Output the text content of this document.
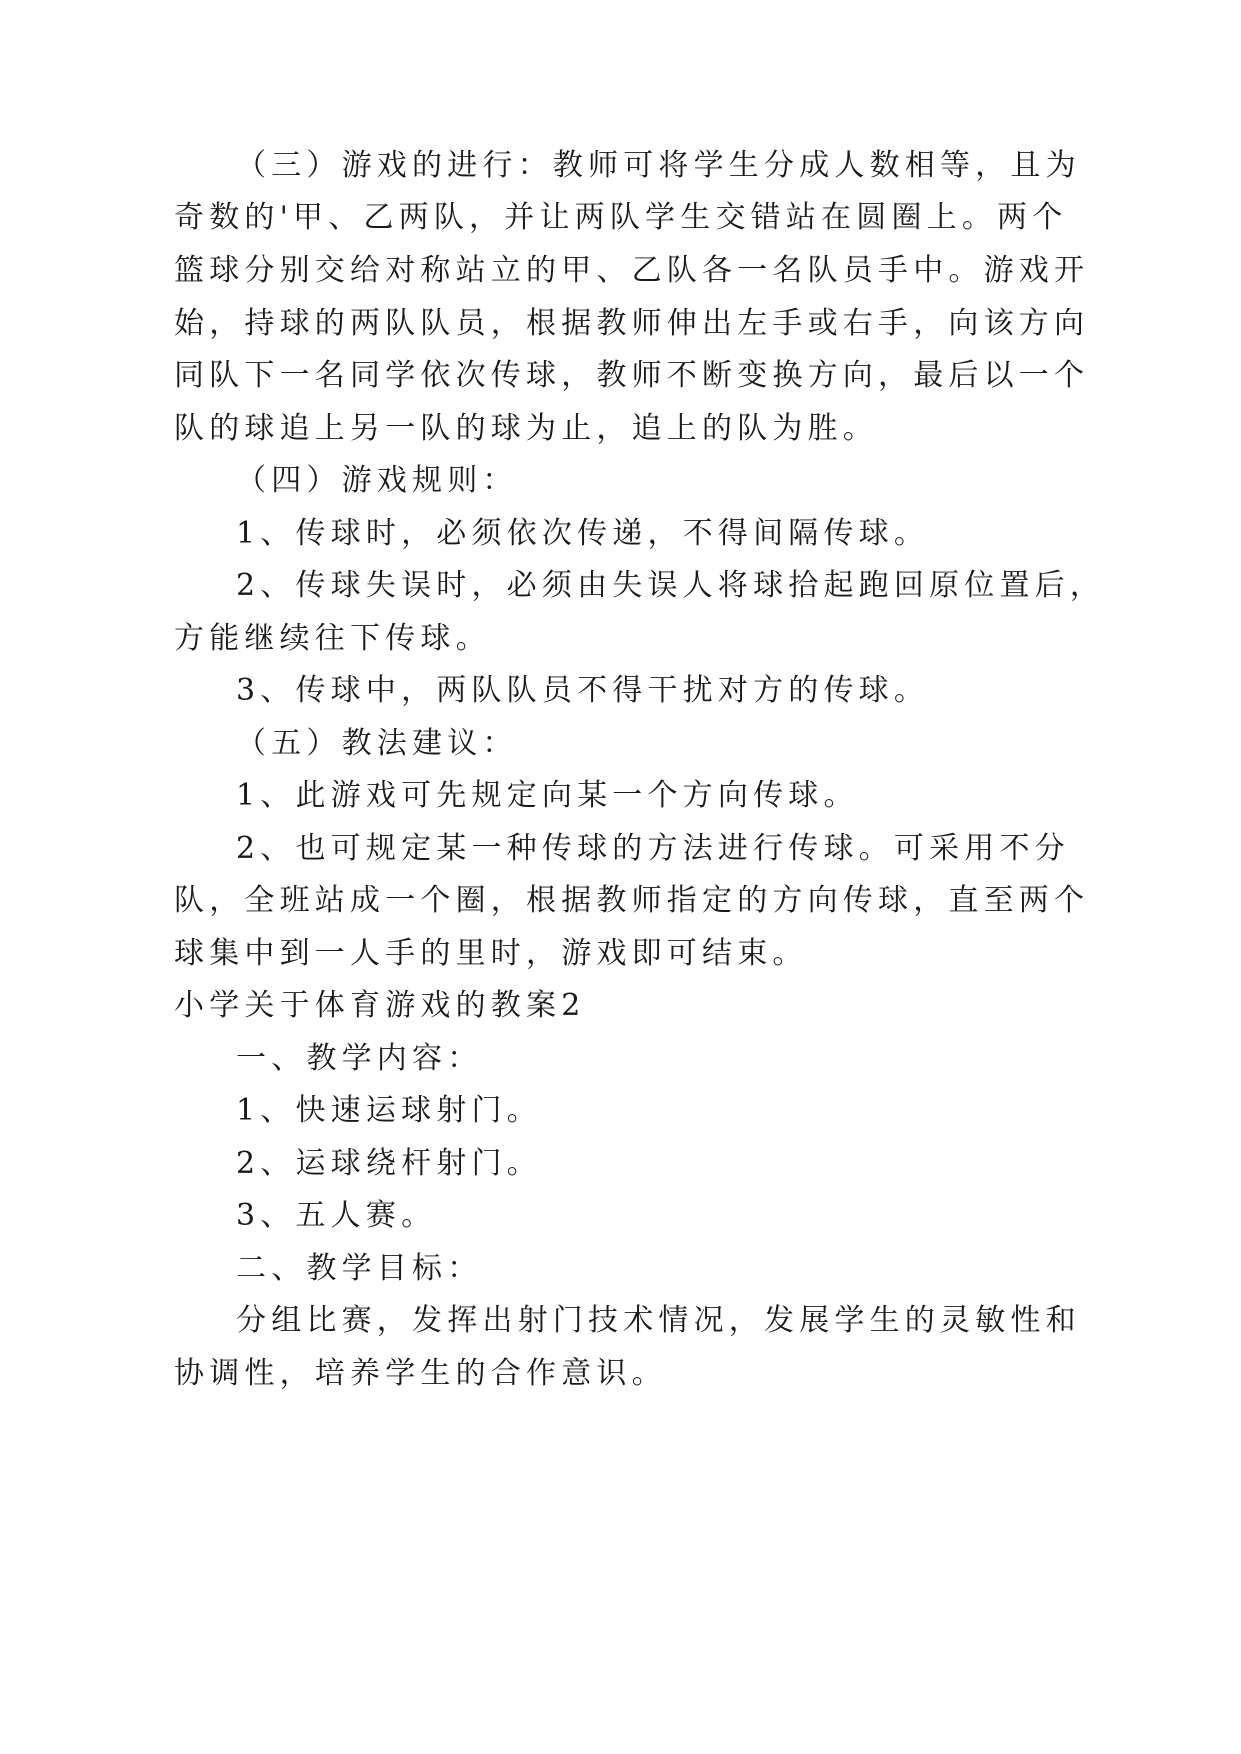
（三）游戏的进行：教师可将学生分成人数相等，且为
奇数的'甲、乙两队，并让两队学生交错站在圆圈上。两个
篮球分别交给对称站立的甲、乙队各一名队员手中。游戏开
始，持球的两队队员，根据教师伸出左手或右手，向该方向
同队下一名同学依次传球，教师不断变换方向，最后以一个
队的球追上另一队的球为止，追上的队为胜。
（四）游戏规则：
1、传球时，必须依次传递，不得间隔传球。
2、传球失误时，必须由失误人将球拾起跑回原位置后，
方能继续往下传球。
3、传球中，两队队员不得干扰对方的传球。
（五）教法建议：
1、此游戏可先规定向某一个方向传球。
2、也可规定某一种传球的方法进行传球。可采用不分
队，全班站成一个圈，根据教师指定的方向传球，直至两个
球集中到一人手的里时，游戏即可结束。
小学关于体育游戏的教案2
一、教学内容：
1、快速运球射门。
2、运球绕杆射门。
3、五人赛。
二、教学目标：
分组比赛，发挥出射门技术情况，发展学生的灵敏性和
协调性，培养学生的合作意识。
